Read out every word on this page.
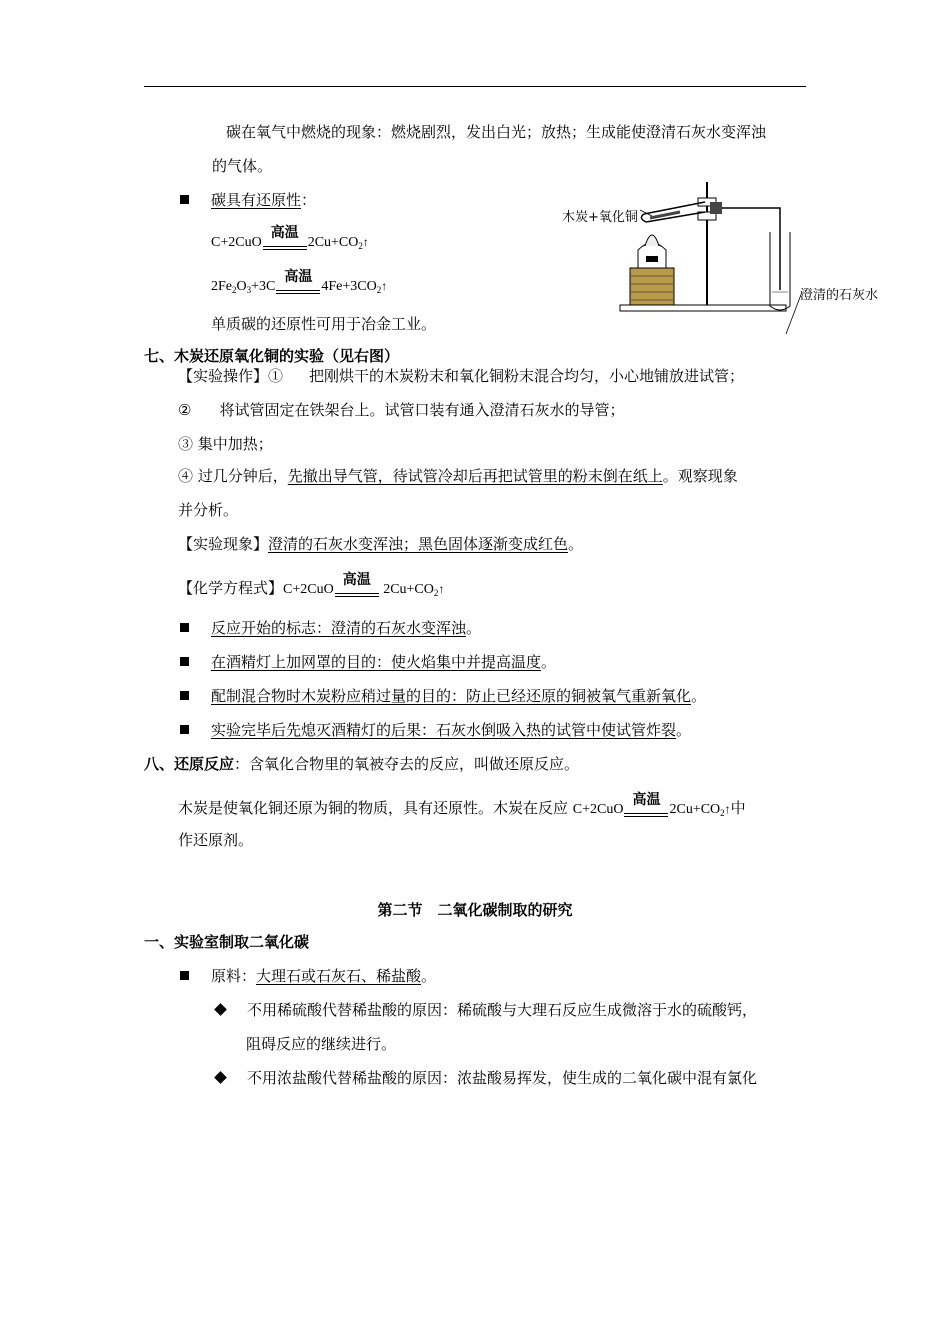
碳在氧气中燃烧的现象：燃烧剧烈，发出白光；放热；生成能使澄清石灰水变浑浊
的气体。
碳具有还原性：
C+2CuO
高温
$2Cu+CO_2↑$
$2Fe_2O_3+3C$
高温
$4Fe+3CO_2↑$
单质碳的还原性可用于冶金工业。
木炭+氧化铜
澄清的石灰水
七、木炭还原氧化铜的实验（见右图）
【实验操作】① 把刚烘干的木炭粉末和氧化铜粉末混合均匀，小心地铺放进试管；
② 将试管固定在铁架台上。试管口装有通入澄清石灰水的导管；
③ 集中加热；
④ 过几分钟后，先撤出导气管，待试管冷却后再把试管里的粉末倒在纸上。观察现象
并分析。
【实验现象】澄清的石灰水变浑浊；黑色固体逐渐变成红色。
【化学方程式】C+2CuO
高温
$2Cu+CO_2↑$
反应开始的标志：澄清的石灰水变浑浊。
在酒精灯上加网罩的目的：使火焰集中并提高温度。
配制混合物时木炭粉应稍过量的目的：防止已经还原的铜被氧气重新氧化。
实验完毕后先熄灭酒精灯的后果：石灰水倒吸入热的试管中使试管炸裂。
八、还原反应：含氧化合物里的氧被夺去的反应，叫做还原反应。
木炭是使氧化铜还原为铜的物质，具有还原性。木炭在反应 C+2CuO
高温
$2Cu+CO_2↑$中
作还原剂。
第二节　二氧化碳制取的研究
一、实验室制取二氧化碳
原料：大理石或石灰石、稀盐酸。
不用稀硫酸代替稀盐酸的原因：稀硫酸与大理石反应生成微溶于水的硫酸钙，
阻碍反应的继续进行。
不用浓盐酸代替稀盐酸的原因：浓盐酸易挥发，使生成的二氧化碳中混有氯化
